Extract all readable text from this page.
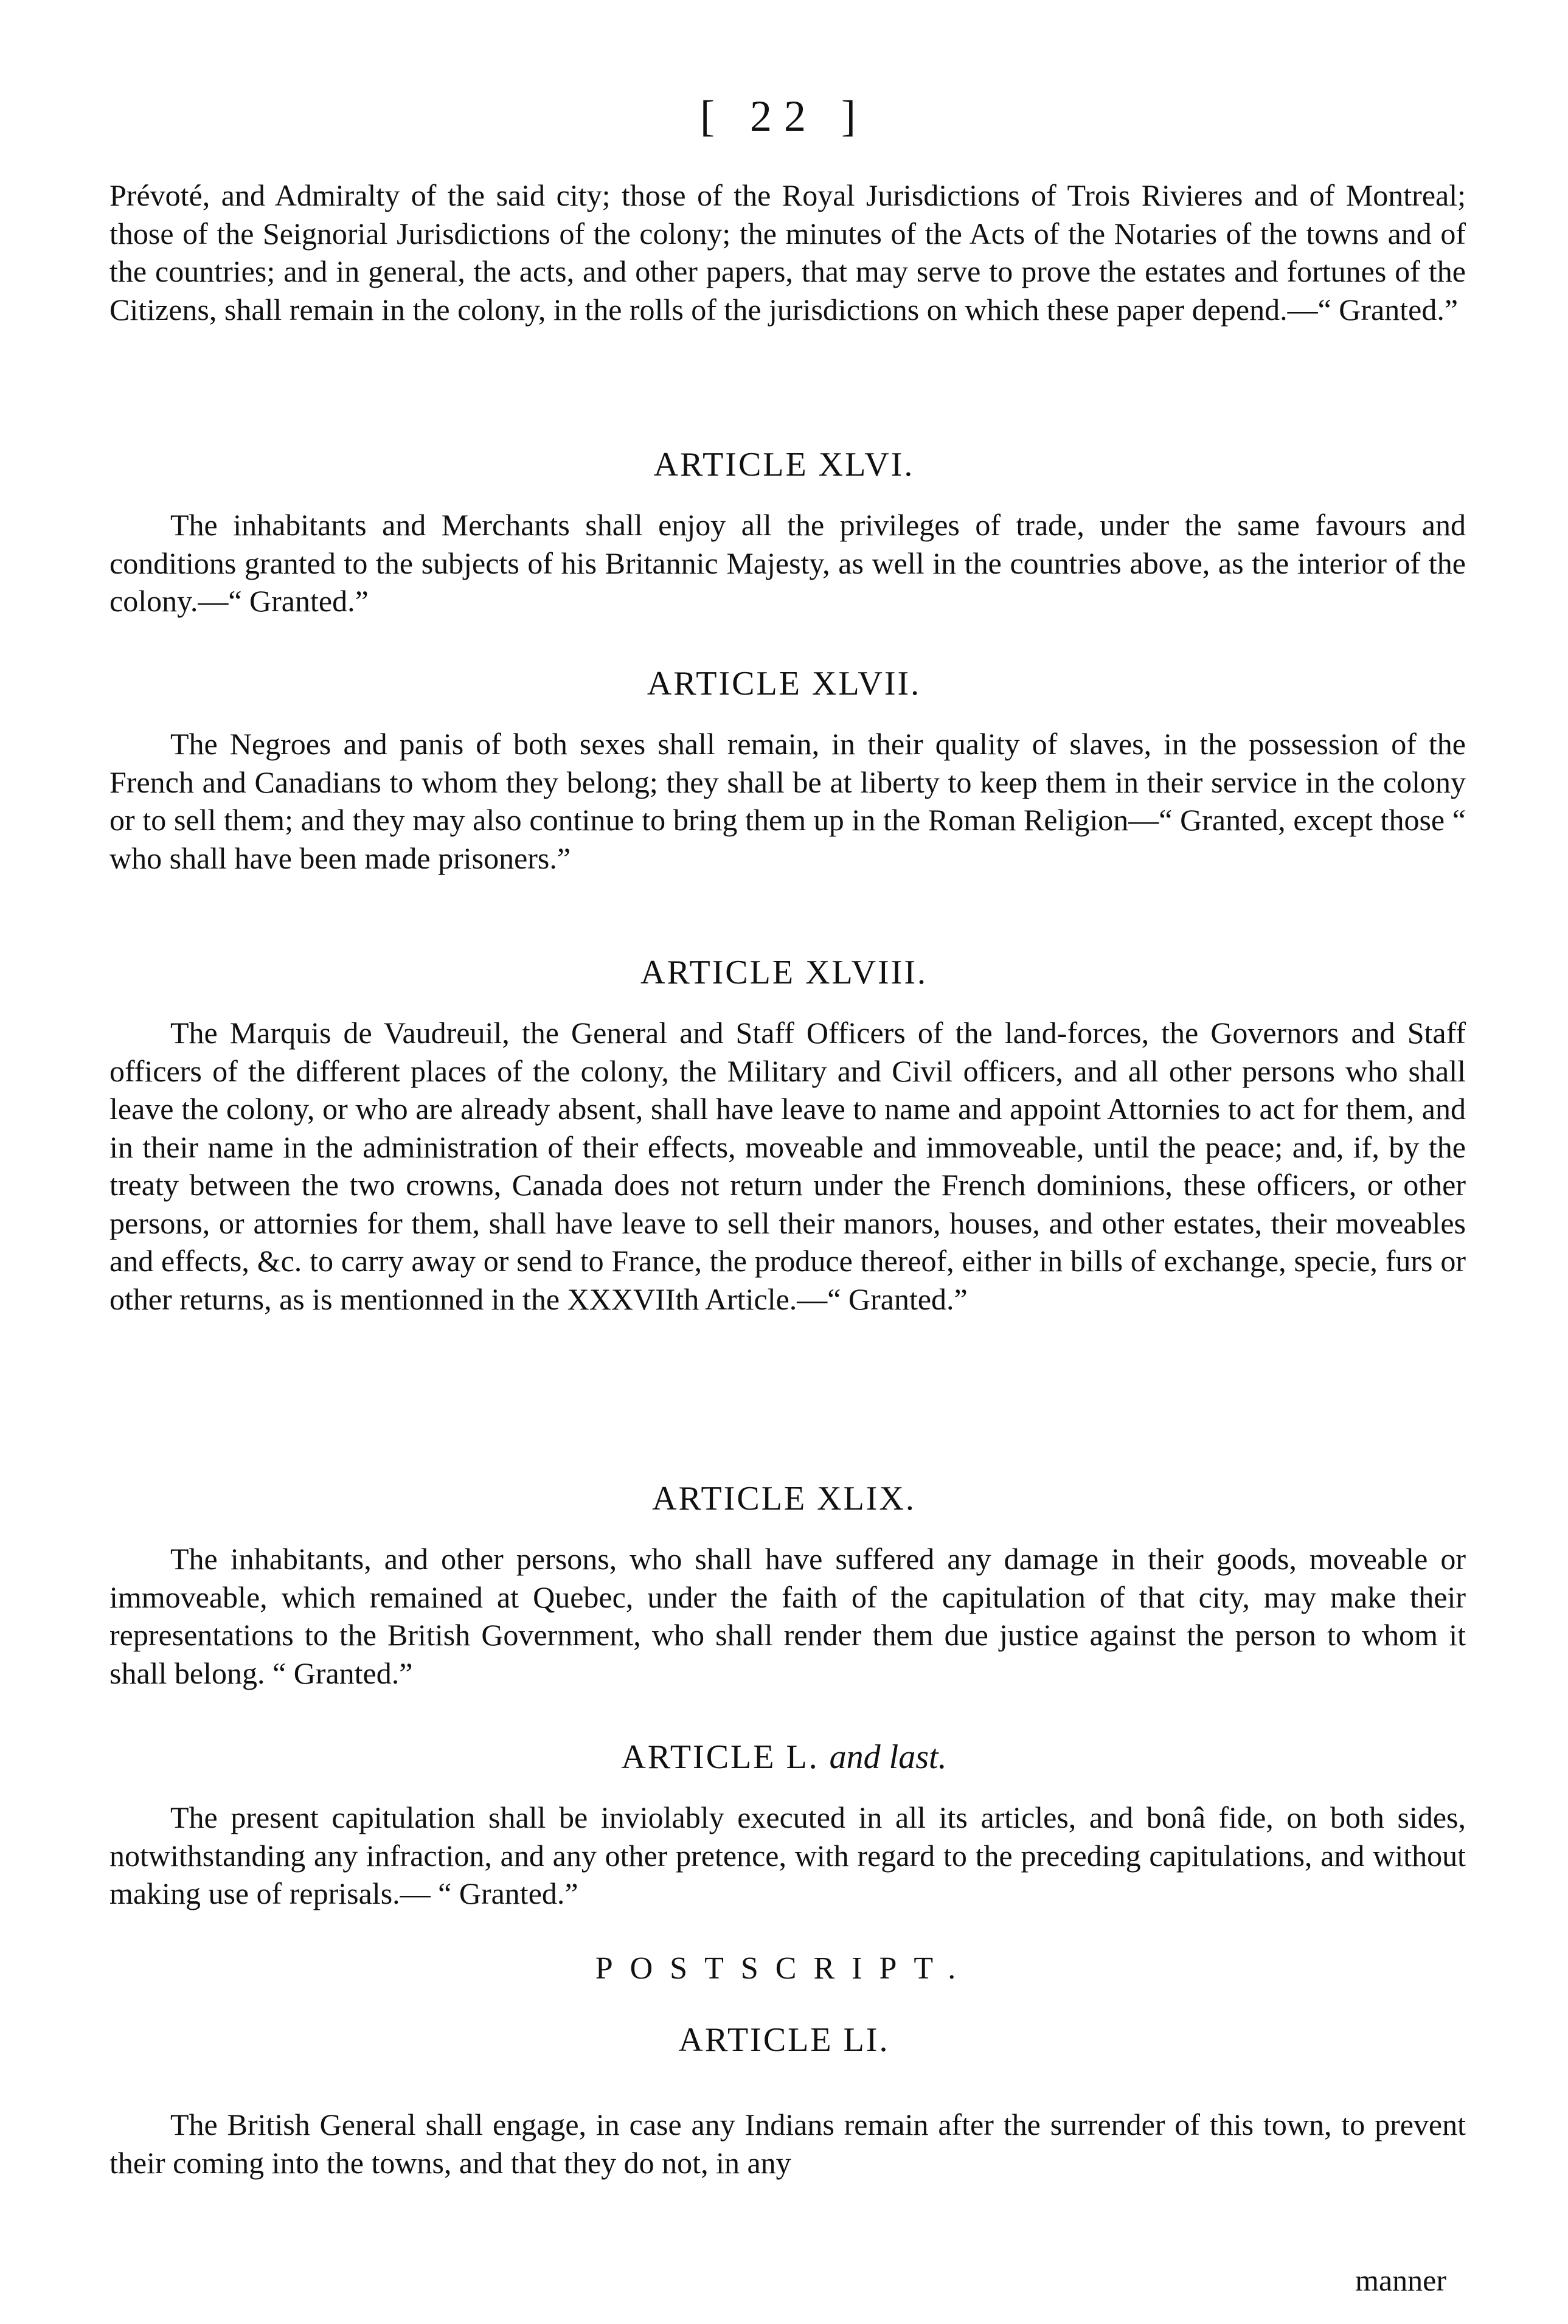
[ 22 ]

Prévoté, and Admiralty of the said city; those of the Royal Jurisdictions of Trois Rivieres and of Montreal; those of the Seignorial Jurisdictions of the colony; the minutes of the Acts of the Notaries of the towns and of the countries; and in general, the acts, and other papers, that may serve to prove the estates and fortunes of the Citizens, shall remain in the colony, in the rolls of the jurisdictions on which these paper depend.—“ Granted.”

ARTICLE XLVI.

The inhabitants and Merchants shall enjoy all the privileges of trade, under the same favours and conditions granted to the subjects of his Britannic Majesty, as well in the countries above, as the interior of the colony.—“ Granted.”

ARTICLE XLVII.

The Negroes and panis of both sexes shall remain, in their quality of slaves, in the possession of the French and Canadians to whom they belong; they shall be at liberty to keep them in their service in the colony or to sell them; and they may also continue to bring them up in the Roman Religion—“ Granted, except those “ who shall have been made prisoners.”

ARTICLE XLVIII.

The Marquis de Vaudreuil, the General and Staff Officers of the land-forces, the Governors and Staff officers of the different places of the colony, the Military and Civil officers, and all other persons who shall leave the colony, or who are already absent, shall have leave to name and appoint Attornies to act for them, and in their name in the administration of their effects, moveable and immoveable, until the peace; and, if, by the treaty between the two crowns, Canada does not return under the French dominions, these officers, or other persons, or attornies for them, shall have leave to sell their manors, houses, and other estates, their moveables and effects, &c. to carry away or send to France, the produce thereof, either in bills of exchange, specie, furs or other returns, as is mentionned in the XXXVIIth Article.—“ Granted.”

ARTICLE XLIX.

The inhabitants, and other persons, who shall have suffered any damage in their goods, moveable or immoveable, which remained at Quebec, under the faith of the capitulation of that city, may make their representations to the British Government, who shall render them due justice against the person to whom it shall belong. “ Granted.”

ARTICLE L. and last.

The present capitulation shall be inviolably executed in all its articles, and bonâ fide, on both sides, notwithstanding any infraction, and any other pretence, with regard to the preceding capitulations, and without making use of reprisals.— “ Granted.”

POSTSCRIPT.
ARTICLE LI.

The British General shall engage, in case any Indians remain after the surrender of this town, to prevent their coming into the towns, and that they do not, in any

manner
